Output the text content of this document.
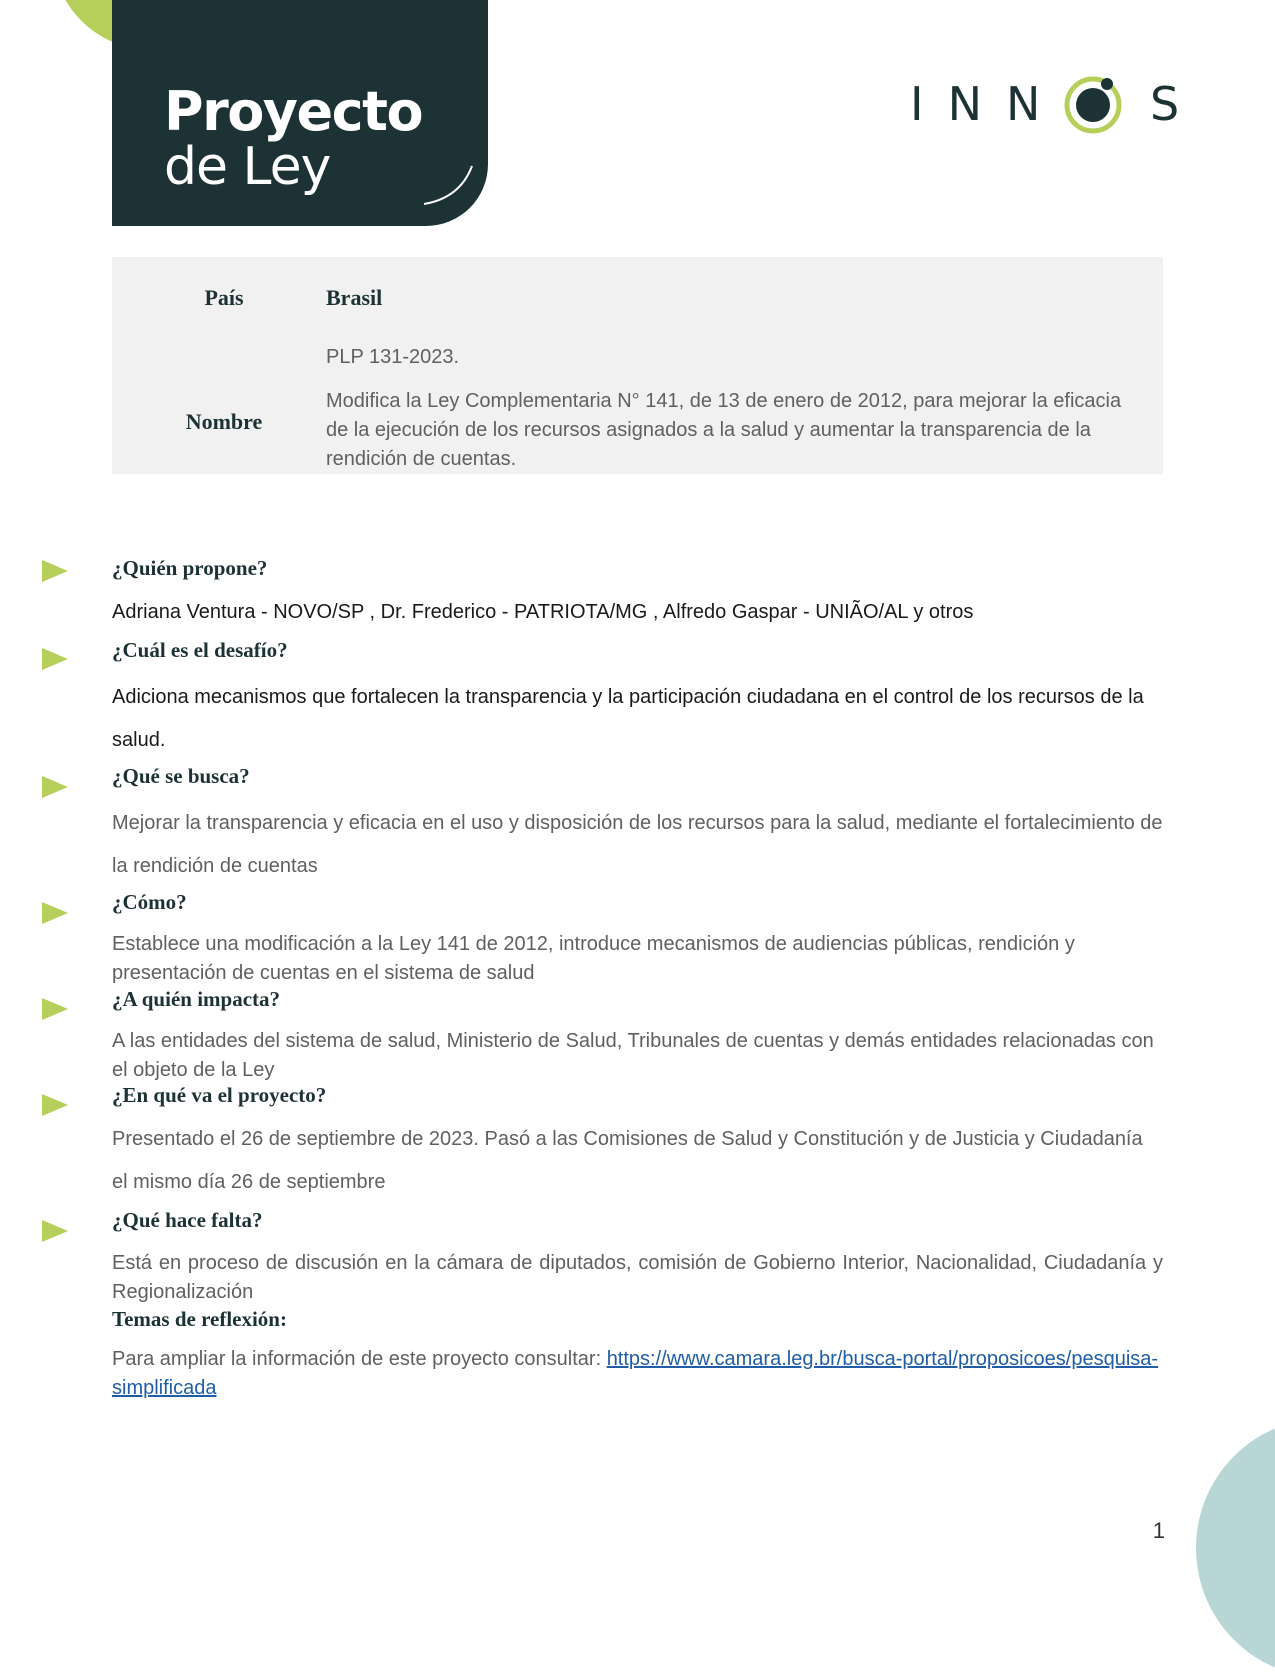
Proyecto
de Ley
INN S
País	Brasil
Nombre
PLP 131-2023.
Modifica la Ley Complementaria N° 141, de 13 de enero de 2012, para mejorar la eficacia de la ejecución de los recursos asignados a la salud y aumentar la transparencia de la rendición de cuentas.
¿Quién propone?
Adriana Ventura - NOVO/SP , Dr. Frederico - PATRIOTA/MG , Alfredo Gaspar - UNIÃO/AL y otros
¿Cuál es el desafío?
Adiciona mecanismos que fortalecen la transparencia y la participación ciudadana en el control de los recursos de la salud.
¿Qué se busca?
Mejorar la transparencia y eficacia en el uso y disposición de los recursos para la salud, mediante el fortalecimiento de la rendición de cuentas
¿Cómo?
Establece una modificación a la Ley 141 de 2012, introduce mecanismos de audiencias públicas, rendición y presentación de cuentas en el sistema de salud
¿A quién impacta?
A las entidades del sistema de salud, Ministerio de Salud, Tribunales de cuentas y demás entidades relacionadas con el objeto de la Ley
¿En qué va el proyecto?
Presentado el 26 de septiembre de 2023. Pasó a las Comisiones de Salud y Constitución y de Justicia y Ciudadanía el mismo día 26 de septiembre
¿Qué hace falta?
Está en proceso de discusión en la cámara de diputados, comisión de Gobierno Interior, Nacionalidad, Ciudadanía y Regionalización
Temas de reflexión:
Para ampliar la información de este proyecto consultar: https://www.camara.leg.br/busca-portal/proposicoes/pesquisa-simplificada
1
